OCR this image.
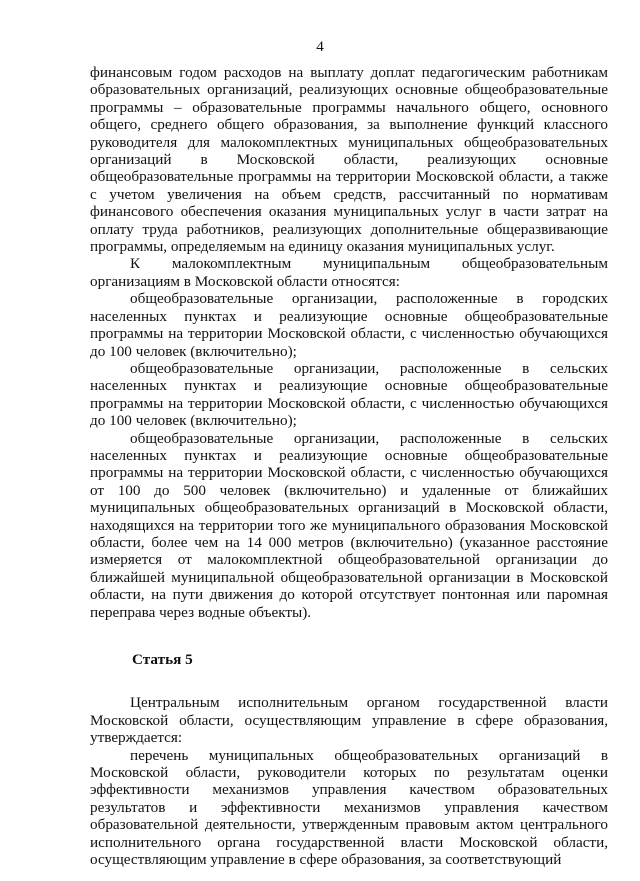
4

финансовым годом расходов на выплату доплат педагогическим работникам образовательных организаций, реализующих основные общеобразовательные программы – образовательные программы начального общего, основного общего, среднего общего образования, за выполнение функций классного руководителя для малокомплектных муниципальных общеобразовательных организаций в Московской области, реализующих основные общеобразовательные программы на территории Московской области, а также с учетом увеличения на объем средств, рассчитанный по нормативам финансового обеспечения оказания муниципальных услуг в части затрат на оплату труда работников, реализующих дополнительные общеразвивающие программы, определяемым на единицу оказания муниципальных услуг.

К малокомплектным муниципальным общеобразовательным организациям в Московской области относятся:

общеобразовательные организации, расположенные в городских населенных пунктах и реализующие основные общеобразовательные программы на территории Московской области, с численностью обучающихся до 100 человек (включительно);

общеобразовательные организации, расположенные в сельских населенных пунктах и реализующие основные общеобразовательные программы на территории Московской области, с численностью обучающихся до 100 человек (включительно);

общеобразовательные организации, расположенные в сельских населенных пунктах и реализующие основные общеобразовательные программы на территории Московской области, с численностью обучающихся от 100 до 500 человек (включительно) и удаленные от ближайших муниципальных общеобразовательных организаций в Московской области, находящихся на территории того же муниципального образования Московской области, более чем на 14 000 метров (включительно) (указанное расстояние измеряется от малокомплектной общеобразовательной организации до ближайшей муниципальной общеобразовательной организации в Московской области, на пути движения до которой отсутствует понтонная или паромная переправа через водные объекты).

Статья 5

Центральным исполнительным органом государственной власти Московской области, осуществляющим управление в сфере образования, утверждается:

перечень муниципальных общеобразовательных организаций в Московской области, руководители которых по результатам оценки эффективности механизмов управления качеством образовательных результатов и эффективности механизмов управления качеством образовательной деятельности, утвержденным правовым актом центрального исполнительного органа государственной власти Московской области, осуществляющим управление в сфере образования, за соответствующий
